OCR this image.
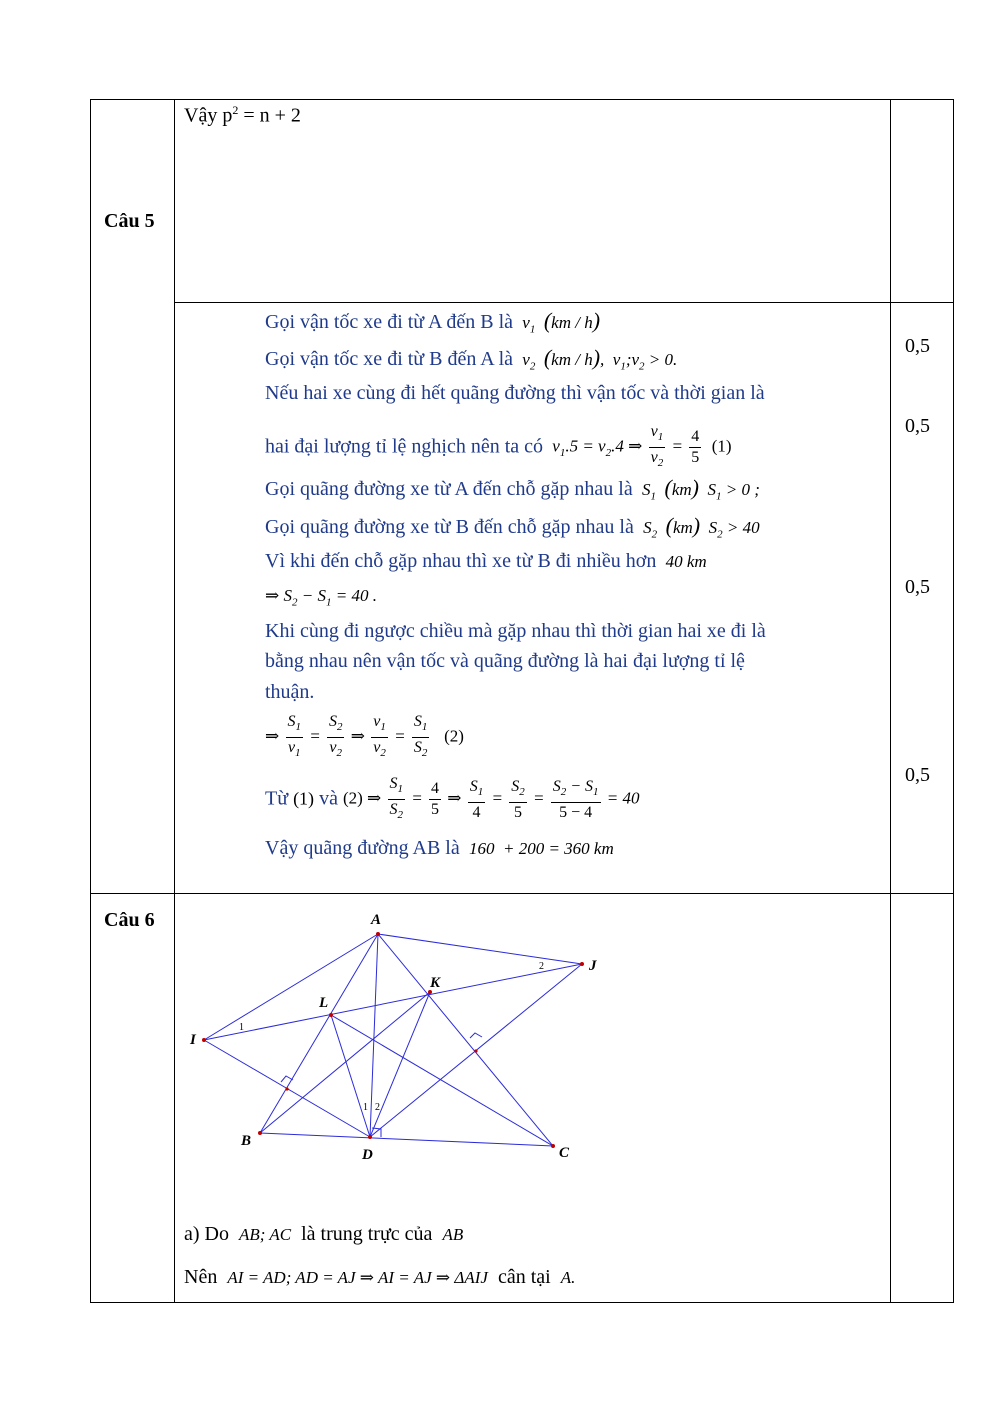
Câu 5
Câu 6
Vậy $p^2 = n + 2$
Gọi vận tốc xe đi từ A đến B là  $v_1$ (km / h)
Gọi vận tốc xe đi từ B đến A là  $v_2$ (km / h),  $v_1;v_2 > 0$.
Nếu hai xe cùng đi hết quãng đường thì vận tốc và thời gian là
hai đại lượng tỉ lệ nghịch nên ta có  $v_1.5 = v_2.4$ ⇒ $\frac{v_1}{v_2} = \frac{4}{5} (1)$
Gọi quãng đường xe từ A đến chỗ gặp nhau là  $S_1$ (km)  $S_1 > 0$ ;
Gọi quãng đường xe từ B đến chỗ gặp nhau là  $S_2$ (km)  $S_2 > 40$
Vì khi đến chỗ gặp nhau thì xe từ B đi nhiều hơn  40 km
⇒ $S_2 - S_1 = 40$ .
Khi cùng đi ngược chiều mà gặp nhau thì thời gian hai xe đi là
bằng nhau nên vận tốc và quãng đường là hai đại lượng tỉ lệ
thuận.
⇒ $\frac{S_1}{v_1} = \frac{S_2}{v_2}$ ⇒ $\frac{v_1}{v_2} = \frac{S_1}{S_2} (2)$
Từ (1) và (2) ⇒ $\frac{S_1}{S_2} = \frac{4}{5}$ ⇒ $\frac{S_1}{4} = \frac{S_2}{5} = \frac{S_2 - S_1}{5 - 4} = 40$
Vậy quãng đường AB là  160  + 200 = 360 km
0,5
0,5
0,5
0,5
A
J
K
L
I
B
D	C
1
2
1 2
a) Do AB; AC là trung trực của AB
Nên AI = AD; AD = AJ ⇒ AI = AJ ⇒ ΔAIJ cân tại A.
